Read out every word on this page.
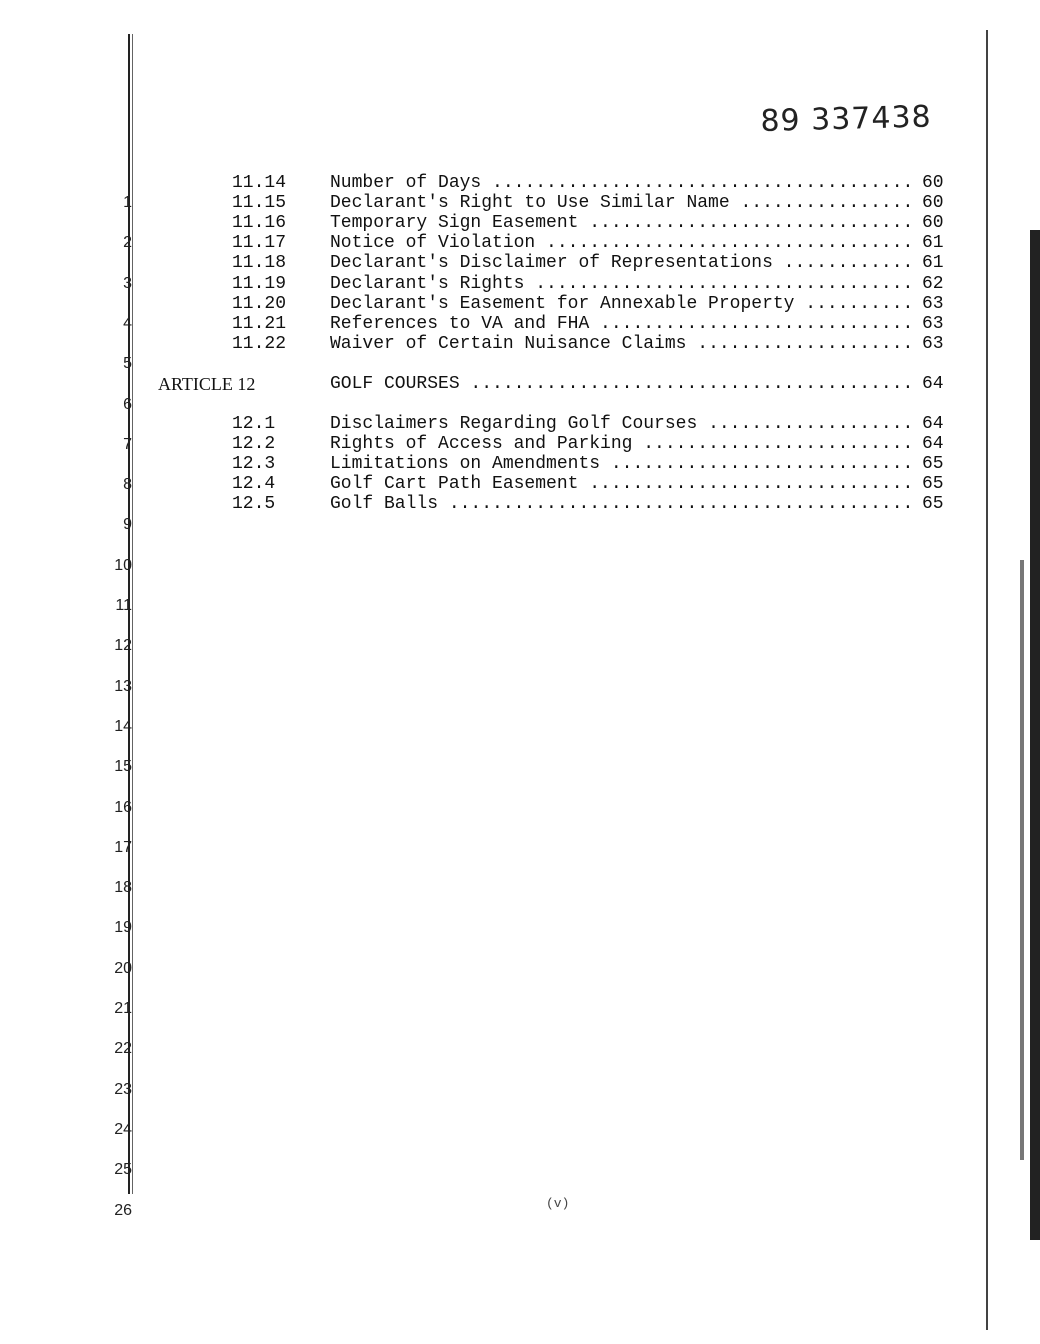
89 337438
1
2
3
4
5
6
7
8
9
10
11
12
13
14
15
16
17
18
19
20
21
22
23
24
25
26
11.14 Number of Days .....	60
11.15 Declarant's Right to Use Similar Name .....	60
11.16 Temporary Sign Easement .....	60
11.17 Notice of Violation .....	61
11.18 Declarant's Disclaimer of Representations .....	61
11.19 Declarant's Rights .....	62
11.20 Declarant's Easement for Annexable Property .....	63
11.21 References to VA and FHA .....	63
11.22 Waiver of Certain Nuisance Claims .....	63
ARTICLE 12	GOLF COURSES .....	64
12.1	Disclaimers Regarding Golf Courses .....	64
12.2	Rights of Access and Parking .....	64
12.3	Limitations on Amendments .....	65
12.4	Golf Cart Path Easement .....	65
12.5	Golf Balls .....	65
(v)
